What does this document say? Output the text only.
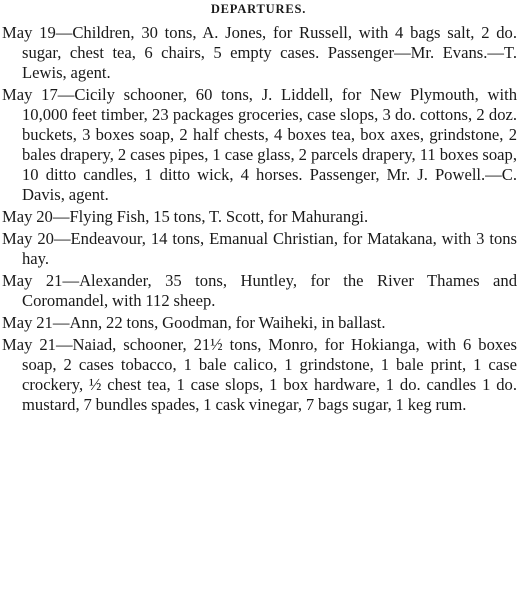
DEPARTURES.

May 19—Children, 30 tons, A. Jones, for Russell, with 4 bags salt, 2 do. sugar, chest tea, 6 chairs, 5 empty cases. Passenger—Mr. Evans.—T. Lewis, agent.

May 17—Cicily schooner, 60 tons, J. Liddell, for New Plymouth, with 10,000 feet timber, 23 packages groceries, case slops, 3 do. cottons, 2 doz. buckets, 3 boxes soap, 2 half chests, 4 boxes tea, box axes, grindstone, 2 bales drapery, 2 cases pipes, 1 case glass, 2 parcels drapery, 11 boxes soap, 10 ditto candles, 1 ditto wick, 4 horses. Passenger, Mr. J. Powell.—C. Davis, agent.

May 20—Flying Fish, 15 tons, T. Scott, for Mahurangi.

May 20—Endeavour, 14 tons, Emanual Christian, for Matakana, with 3 tons hay.

May 21—Alexander, 35 tons, Huntley, for the River Thames and Coromandel, with 112 sheep.

May 21—Ann, 22 tons, Goodman, for Waiheki, in ballast.

May 21—Naiad, schooner, 21½ tons, Monro, for Hokianga, with 6 boxes soap, 2 cases tobacco, 1 bale calico, 1 grindstone, 1 bale print, 1 case crockery, ½ chest tea, 1 case slops, 1 box hardware, 1 do. candles 1 do. mustard, 7 bundles spades, 1 cask vinegar, 7 bags sugar, 1 keg rum.
